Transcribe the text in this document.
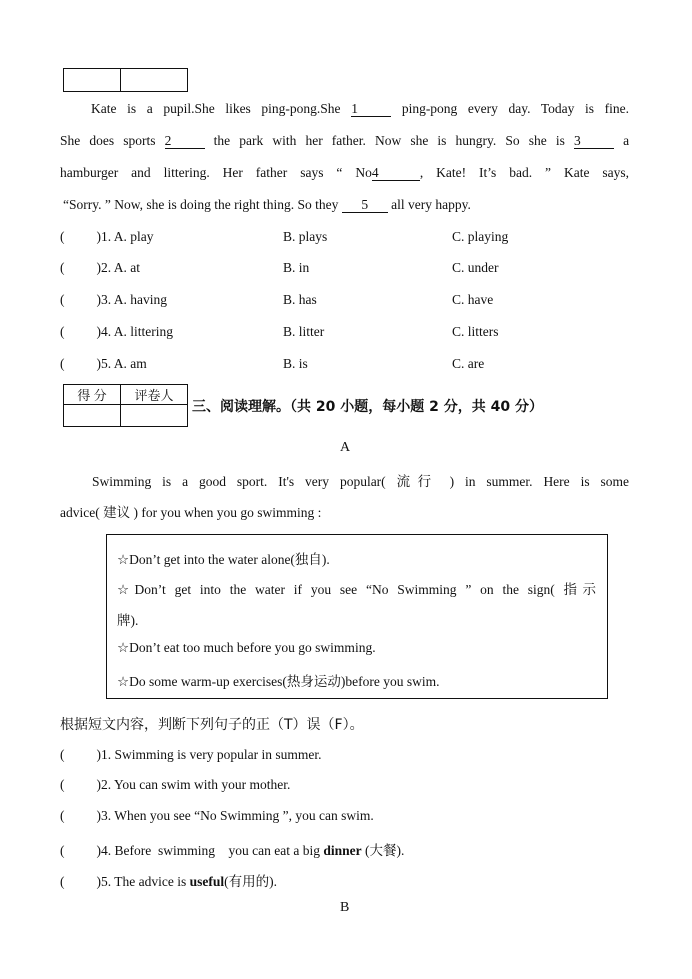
Kate is a pupil.She likes ping-pong.She 1	ping-pong every day. Today is fine.
She does sports 2	the park with her father. Now she is hungry. So she is 3	a
hamburger and littering. Her father says “ No4	, Kate! It’s bad. ” Kate says,
“Sorry. ” Now, she is doing the right thing. So they 5 all very happy.
( )1. A. play	B. plays	C. playing
( )2. A. at	B. in	C. under
( )3. A. having	B. has	C. have
( )4. A. littering	B. litter	C. litters
( )5. A. am	B. is	C. are
得 分	评卷人

三、阅读理解。（共 20 小题，每小题 2 分，共 40 分）
A
Swimming is a good sport. It's very popular( 流行 ) in summer. Here is some
advice( 建议 ) for you when you go swimming :
☆Don’t get into the water alone(独自).
☆Don’t get into the water if you see “No Swimming ” on the sign( 指示
牌).
☆Don’t eat too much before you go swimming.
☆Do some warm-up exercises(热身运动)before you swim.
根据短文内容，判断下列句子的正（T）误（F）。
( )1. Swimming is very popular in summer.
( )2. You can swim with your mother.
( )3. When you see “No Swimming ”, you can swim.
( )4. Before  swimming    you can eat a big dinner (大餐).
( )5. The advice is useful(有用的).
B
